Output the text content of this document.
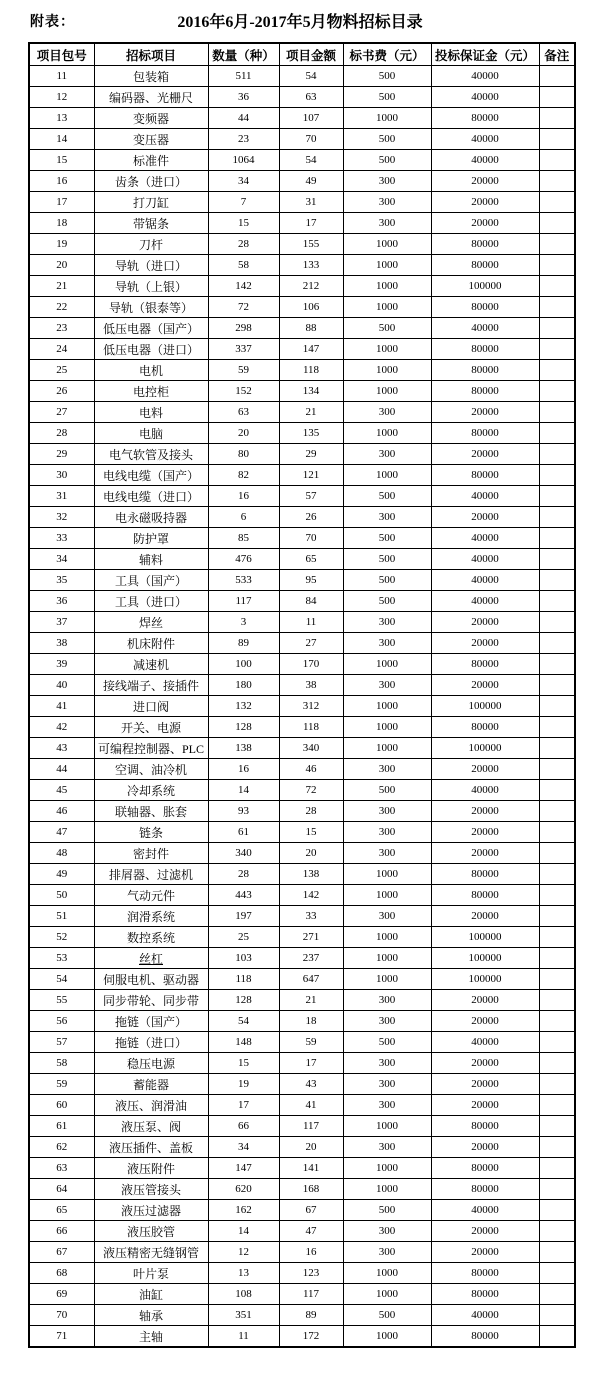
附表：	2016年6月-2017年5月物料招标目录
项目包号	招标项目	数量（种）	项目金额	标书费（元）	投标保证金（元）	备注
11	包装箱	511	54	500	40000	
12	编码器、光栅尺	36	63	500	40000	
13	变频器	44	107	1000	80000	
14	变压器	23	70	500	40000	
15	标准件	1064	54	500	40000	
16	齿条（进口）	34	49	300	20000	
17	打刀缸	7	31	300	20000	
18	带锯条	15	17	300	20000	
19	刀杆	28	155	1000	80000	
20	导轨（进口）	58	133	1000	80000	
21	导轨（上银）	142	212	1000	100000	
22	导轨（银泰等）	72	106	1000	80000	
23	低压电器（国产）	298	88	500	40000	
24	低压电器（进口）	337	147	1000	80000	
25	电机	59	118	1000	80000	
26	电控柜	152	134	1000	80000	
27	电料	63	21	300	20000	
28	电脑	20	135	1000	80000	
29	电气软管及接头	80	29	300	20000	
30	电线电缆（国产）	82	121	1000	80000	
31	电线电缆（进口）	16	57	500	40000	
32	电永磁吸持器	6	26	300	20000	
33	防护罩	85	70	500	40000	
34	辅料	476	65	500	40000	
35	工具（国产）	533	95	500	40000	
36	工具（进口）	117	84	500	40000	
37	焊丝	3	11	300	20000	
38	机床附件	89	27	300	20000	
39	减速机	100	170	1000	80000	
40	接线端子、接插件	180	38	300	20000	
41	进口阀	132	312	1000	100000	
42	开关、电源	128	118	1000	80000	
43	可编程控制器、PLC	138	340	1000	100000	
44	空调、油冷机	16	46	300	20000	
45	冷却系统	14	72	500	40000	
46	联轴器、胀套	93	28	300	20000	
47	链条	61	15	300	20000	
48	密封件	340	20	300	20000	
49	排屑器、过滤机	28	138	1000	80000	
50	气动元件	443	142	1000	80000	
51	润滑系统	197	33	300	20000	
52	数控系统	25	271	1000	100000	
53	丝杠	103	237	1000	100000	
54	伺服电机、驱动器	118	647	1000	100000	
55	同步带轮、同步带	128	21	300	20000	
56	拖链（国产）	54	18	300	20000	
57	拖链（进口）	148	59	500	40000	
58	稳压电源	15	17	300	20000	
59	蓄能器	19	43	300	20000	
60	液压、润滑油	17	41	300	20000	
61	液压泵、阀	66	117	1000	80000	
62	液压插件、盖板	34	20	300	20000	
63	液压附件	147	141	1000	80000	
64	液压管接头	620	168	1000	80000	
65	液压过滤器	162	67	500	40000	
66	液压胶管	14	47	300	20000	
67	液压精密无缝钢管	12	16	300	20000	
68	叶片泵	13	123	1000	80000	
69	油缸	108	117	1000	80000	
70	轴承	351	89	500	40000	
71	主轴	11	172	1000	80000	
